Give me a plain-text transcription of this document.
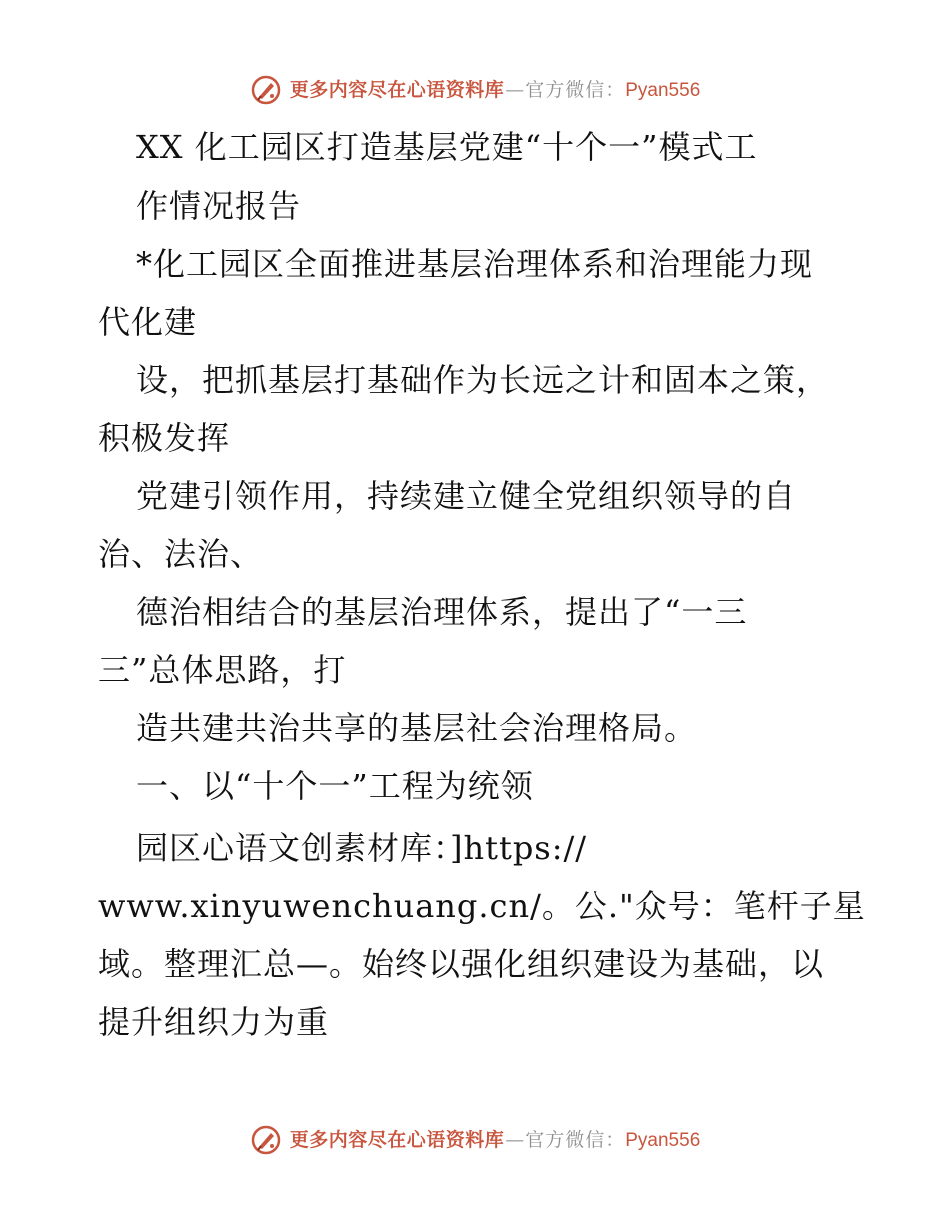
更多内容尽在心语资料库 — 官方微信： Pyan556
XX 化工园区打造基层党建“十个一”模式工
作情况报告
*化工园区全面推进基层治理体系和治理能力现
代化建
设，把抓基层打基础作为长远之计和固本之策，
积极发挥
党建引领作用，持续建立健全党组织领导的自
治、法治、
德治相结合的基层治理体系，提出了“一三
三”总体思路，打
造共建共治共享的基层社会治理格局。
一、以“十个一”工程为统领
园区心语文创素材库：]https://
www.xinyuwenchuang.cn/。公."众号：笔杆子星
域。整理汇总—。始终以强化组织建设为基础，以
提升组织力为重
更多内容尽在心语资料库 — 官方微信： Pyan556
